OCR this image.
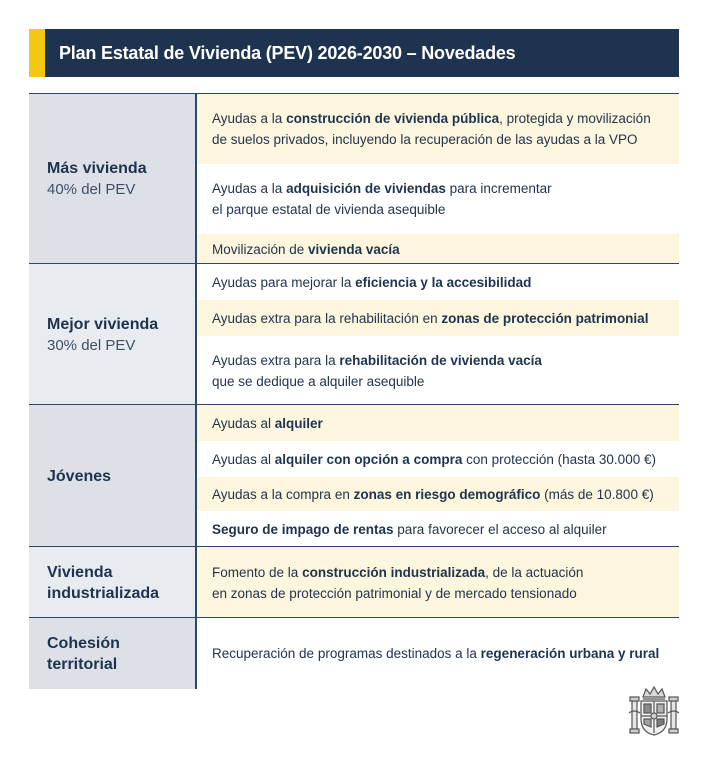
Plan Estatal de Vivienda (PEV) 2026-2030 – Novedades
Más vivienda
40% del PEV
Ayudas a la construcción de vivienda pública, protegida y movilización
de suelos privados, incluyendo la recuperación de las ayudas a la VPO
Ayudas a la adquisición de viviendas para incrementar
el parque estatal de vivienda asequible
Movilización de vivienda vacía
Mejor vivienda
30% del PEV
Ayudas para mejorar la eficiencia y la accesibilidad
Ayudas extra para la rehabilitación en zonas de protección patrimonial
Ayudas extra para la rehabilitación de vivienda vacía
que se dedique a alquiler asequible
Jóvenes
Ayudas al alquiler
Ayudas al alquiler con opción a compra con protección (hasta 30.000 €)
Ayudas a la compra en zonas en riesgo demográfico (más de 10.800 €)
Seguro de impago de rentas para favorecer el acceso al alquiler
Vivienda industrializada
Fomento de la construcción industrializada, de la actuación
en zonas de protección patrimonial y de mercado tensionado
Cohesión territorial
Recuperación de programas destinados a la regeneración urbana y rural
